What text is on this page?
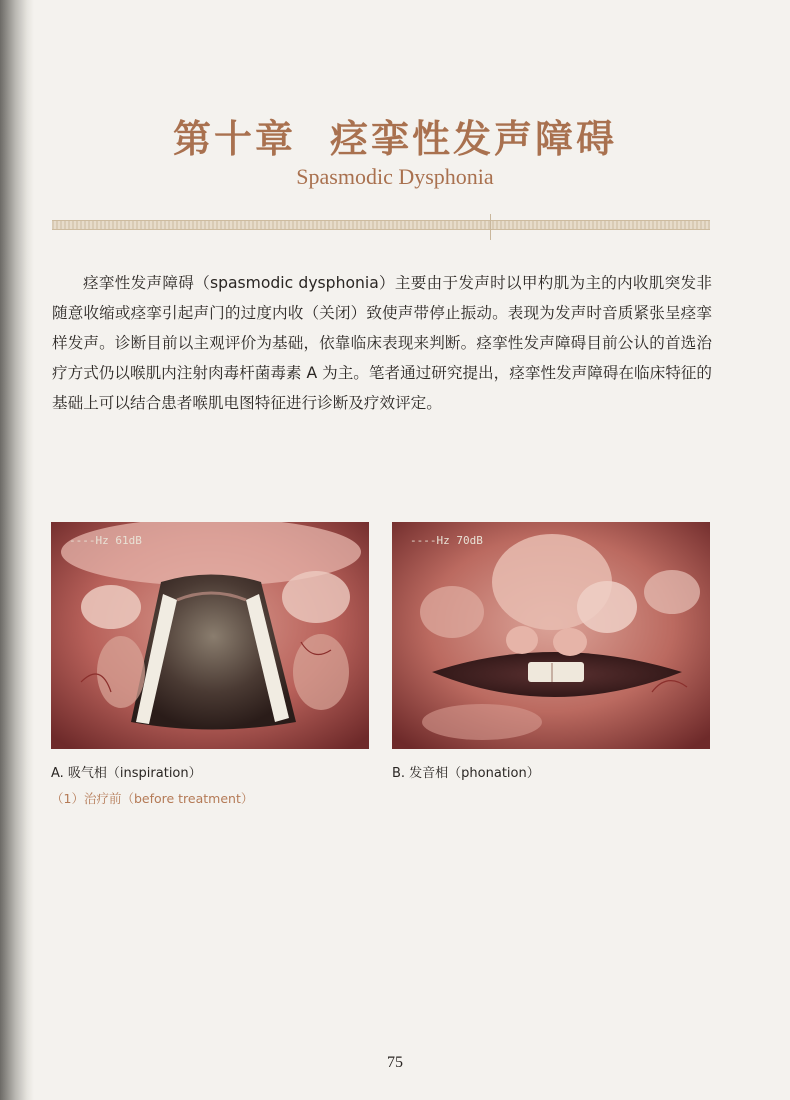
第十章 痉挛性发声障碍
Spasmodic Dysphonia

痉挛性发声障碍（spasmodic dysphonia）主要由于发声时以甲杓肌为主的内收肌突发非随意收缩或痉挛引起声门的过度内收（关闭）致使声带停止振动。表现为发声时音质紧张呈痉挛样发声。诊断目前以主观评价为基础，依靠临床表现来判断。痉挛性发声障碍目前公认的首选治疗方式仍以喉肌内注射肉毒杆菌毒素 A 为主。笔者通过研究提出，痉挛性发声障碍在临床特征的基础上可以结合患者喉肌电图特征进行诊断及疗效评定。

----Hz 61dB	----Hz 70dB
A. 吸气相（inspiration）	B. 发音相（phonation）
（1）治疗前（before treatment）
75
